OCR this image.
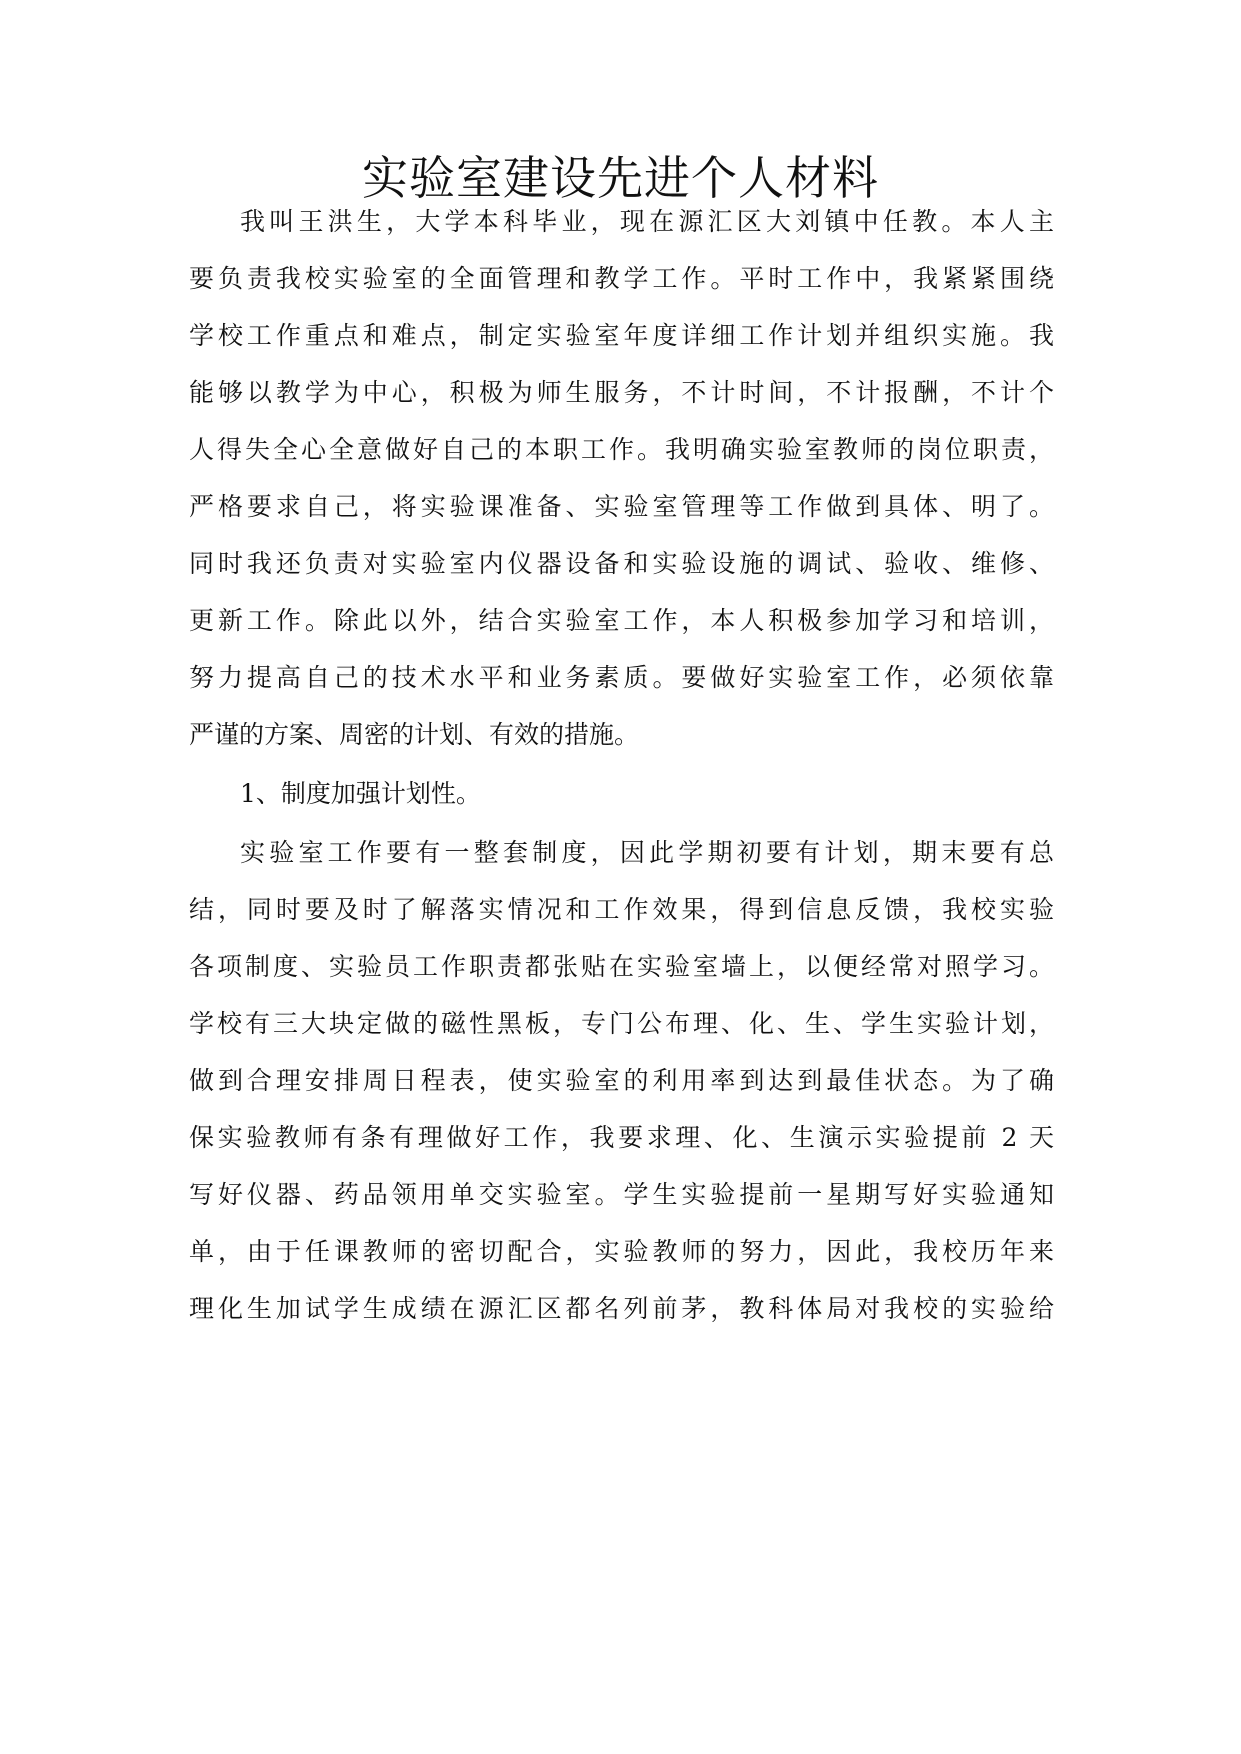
实验室建设先进个人材料
我叫王洪生，大学本科毕业，现在源汇区大刘镇中任教。本人主
要负责我校实验室的全面管理和教学工作。平时工作中，我紧紧围绕
学校工作重点和难点，制定实验室年度详细工作计划并组织实施。我
能够以教学为中心，积极为师生服务，不计时间，不计报酬，不计个
人得失全心全意做好自己的本职工作。我明确实验室教师的岗位职责，
严格要求自己，将实验课准备、实验室管理等工作做到具体、明了。
同时我还负责对实验室内仪器设备和实验设施的调试、验收、维修、
更新工作。除此以外，结合实验室工作，本人积极参加学习和培训，
努力提高自己的技术水平和业务素质。要做好实验室工作，必须依靠
严谨的方案、周密的计划、有效的措施。
1、制度加强计划性。
实验室工作要有一整套制度，因此学期初要有计划，期末要有总
结，同时要及时了解落实情况和工作效果，得到信息反馈，我校实验
各项制度、实验员工作职责都张贴在实验室墙上，以便经常对照学习。
学校有三大块定做的磁性黑板，专门公布理、化、生、学生实验计划，
做到合理安排周日程表，使实验室的利用率到达到最佳状态。为了确
保实验教师有条有理做好工作，我要求理、化、生演示实验提前 2 天
写好仪器、药品领用单交实验室。学生实验提前一星期写好实验通知
单，由于任课教师的密切配合，实验教师的努力，因此，我校历年来
理化生加试学生成绩在源汇区都名列前茅，教科体局对我校的实验给
